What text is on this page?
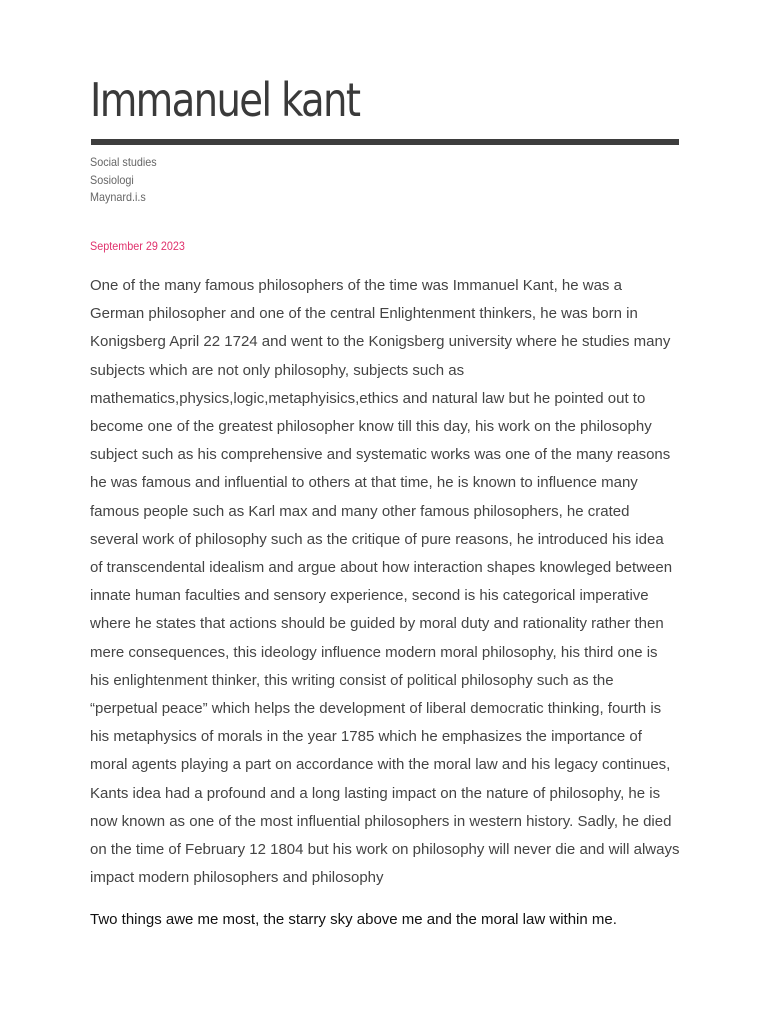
Immanuel kant
Social studies
Sosiologi
Maynard.i.s
September 29 2023

One of the many famous philosophers of the time was Immanuel Kant, he was a German philosopher and one of the central Enlightenment thinkers, he was born in Konigsberg April 22 1724 and went to the Konigsberg university where he studies many subjects which are not only philosophy, subjects such as mathematics,physics,logic,metaphyisics,ethics and natural law but he pointed out to become one of the greatest philosopher know till this day, his work on the philosophy subject such as his comprehensive and systematic works was one of the many reasons he was famous and influential to others at that time, he is known to influence many famous people such as Karl max and many other famous philosophers, he crated several work of philosophy such as the critique of pure reasons, he introduced his idea of transcendental idealism and argue about how interaction shapes knowleged between innate human faculties and sensory experience, second is his categorical imperative where he states that actions should be guided by moral duty and rationality rather then mere consequences, this ideology influence modern moral philosophy, his third one is his enlightenment thinker, this writing consist of political philosophy such as the “perpetual peace” which helps the development of liberal democratic thinking, fourth is his metaphysics of morals in the year 1785 which he emphasizes the importance of moral agents playing a part on accordance with the moral law and his legacy continues, Kants idea had a profound and a long lasting impact on the nature of philosophy, he is now known as one of the most influential philosophers in western history. Sadly, he died on the time of February 12 1804 but his work on philosophy will never die and will always impact modern philosophers and philosophy

Two things awe me most, the starry sky above me and the moral law within me.
